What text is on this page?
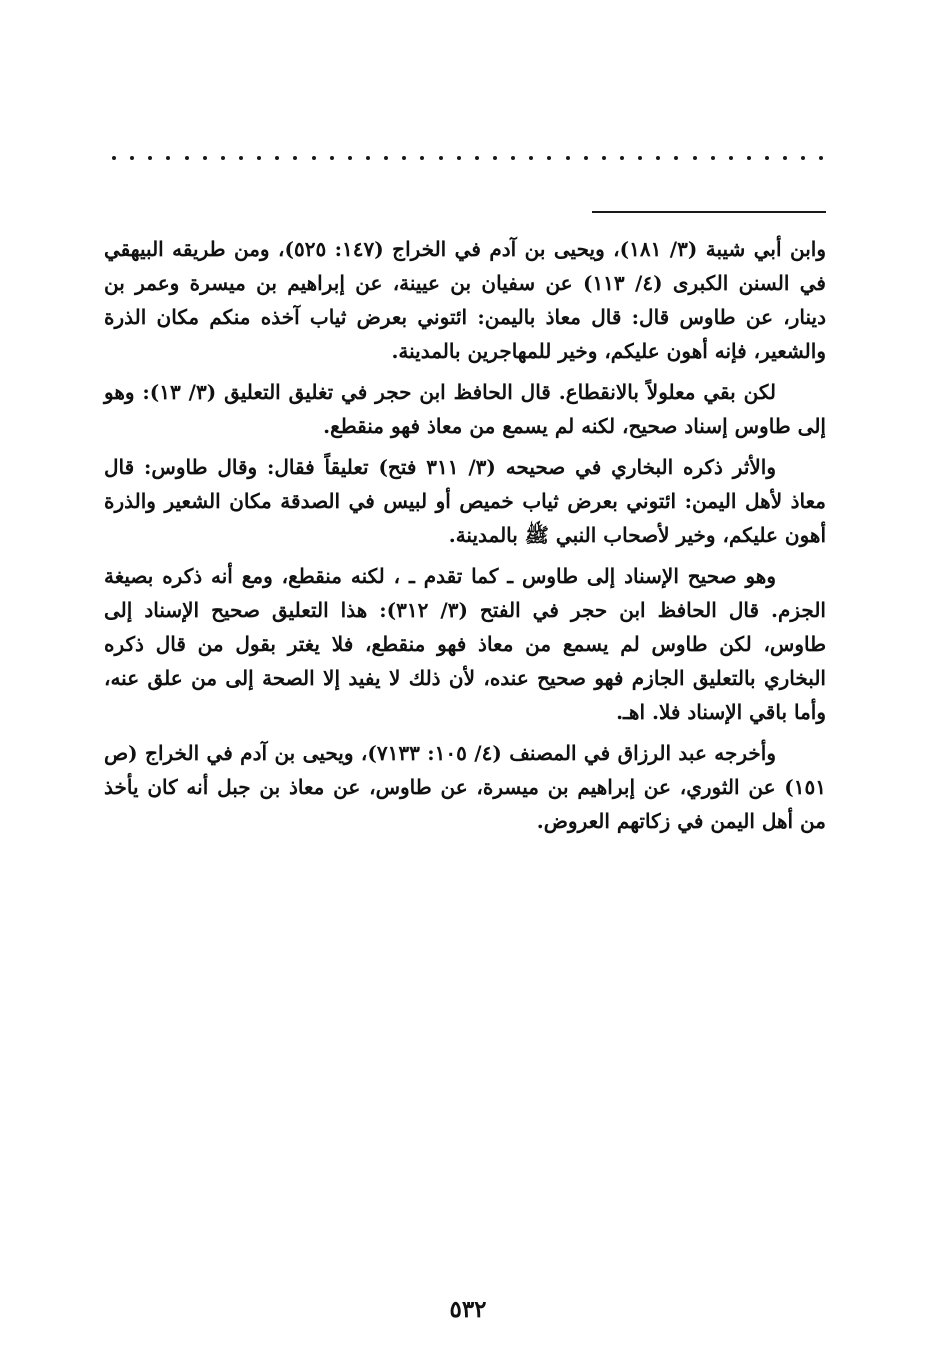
وابن أبي شيبة (٣/ ١٨١)، ويحيى بن آدم في الخراج (١٤٧: ٥٢٥)، ومن طريقه البيهقي في السنن الكبرى (٤/ ١١٣) عن سفيان بن عيينة، عن إبراهيم بن ميسرة وعمر بن دينار، عن طاوس قال: قال معاذ باليمن: ائتوني بعرض ثياب آخذه منكم مكان الذرة والشعير، فإنه أهون عليكم، وخير للمهاجرين بالمدينة.

لكن بقي معلولاً بالانقطاع. قال الحافظ ابن حجر في تغليق التعليق (٣/ ١٣): وهو إلى طاوس إسناد صحيح، لكنه لم يسمع من معاذ فهو منقطع.

والأثر ذكره البخاري في صحيحه (٣/ ٣١١ فتح) تعليقاً فقال: وقال طاوس: قال معاذ لأهل اليمن: ائتوني بعرض ثياب خميص أو لبيس في الصدقة مكان الشعير والذرة أهون عليكم، وخير لأصحاب النبي ﷺ بالمدينة.

وهو صحيح الإسناد إلى طاوس ـ كما تقدم ـ ، لكنه منقطع، ومع أنه ذكره بصيغة الجزم. قال الحافظ ابن حجر في الفتح (٣/ ٣١٢): هذا التعليق صحيح الإسناد إلى طاوس، لكن طاوس لم يسمع من معاذ فهو منقطع، فلا يغتر بقول من قال ذكره البخاري بالتعليق الجازم فهو صحيح عنده، لأن ذلك لا يفيد إلا الصحة إلى من علق عنه، وأما باقي الإسناد فلا. اهـ.

وأخرجه عبد الرزاق في المصنف (٤/ ١٠٥: ٧١٣٣)، ويحيى بن آدم في الخراج (ص ١٥١) عن الثوري، عن إبراهيم بن ميسرة، عن طاوس، عن معاذ بن جبل أنه كان يأخذ من أهل اليمن في زكاتهم العروض.

٥٣٢
